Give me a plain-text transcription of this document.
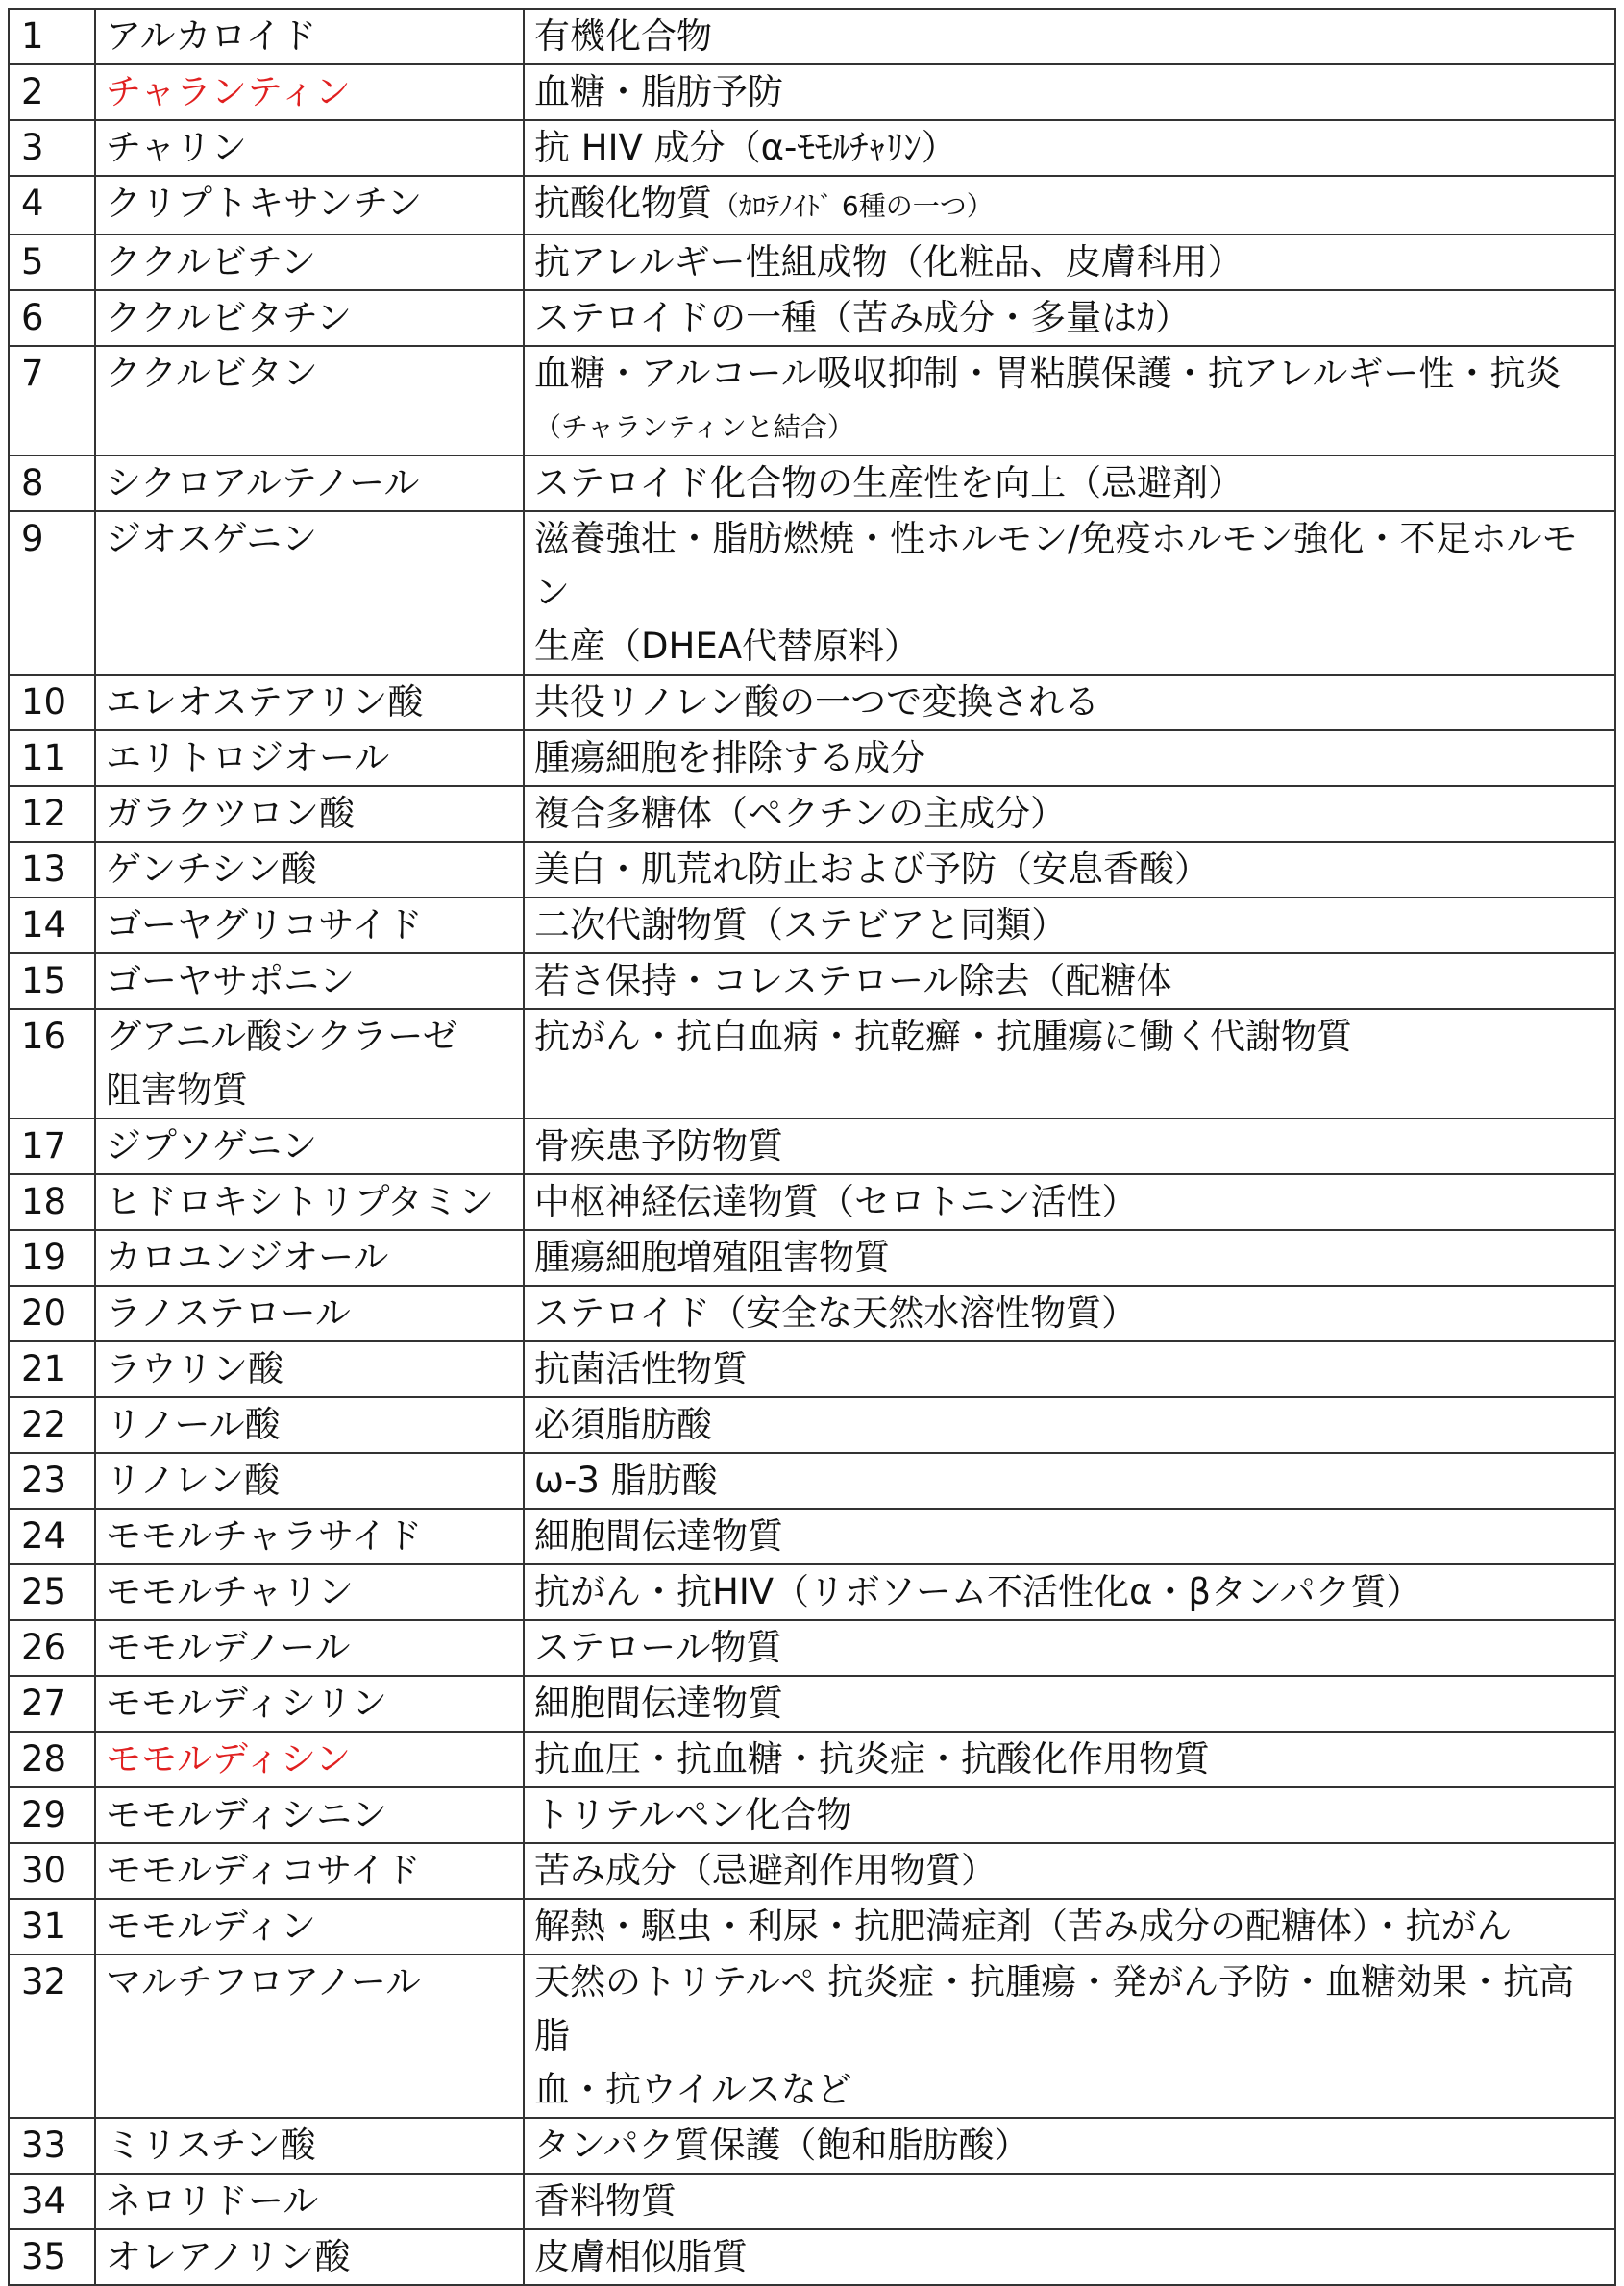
1	アルカロイド	有機化合物

2	チャランティン	血糖・脂肪予防

3	チャリン	抗 HIV 成分（α-ﾓﾓﾙﾁｬﾘﾝ）

4	クリプトキサンチン	抗酸化物質（ｶﾛﾃﾉｲﾄﾞ 6種の一つ）

5	ククルビチン	抗アレルギー性組成物（化粧品、皮膚科用）

6	ククルビタチン	ステロイドの一種（苦み成分・多量はｶ）

7	ククルビタン	血糖・アルコール吸収抑制・胃粘膜保護・抗アレルギー性・抗炎
（チャランティンと結合）

8	シクロアルテノール	ステロイド化合物の生産性を向上（忌避剤）

9	ジオスゲニン	滋養強壮・脂肪燃焼・性ホルモン/免疫ホルモン強化・不足ホルモン
生産（DHEA代替原料）

10	エレオステアリン酸	共役リノレン酸の一つで変換される

11	エリトロジオール	腫瘍細胞を排除する成分

12	ガラクツロン酸	複合多糖体（ペクチンの主成分）

13	ゲンチシン酸	美白・肌荒れ防止および予防（安息香酸）

14	ゴーヤグリコサイド	二次代謝物質（ステビアと同類）

15	ゴーヤサポニン	若さ保持・コレステロール除去（配糖体

16	グアニル酸シクラーゼ
阻害物質	抗がん・抗白血病・抗乾癬・抗腫瘍に働く代謝物質

17	ジプソゲニン	骨疾患予防物質

18	ヒドロキシトリプタミン	中枢神経伝達物質（セロトニン活性）

19	カロユンジオール	腫瘍細胞増殖阻害物質

20	ラノステロール	ステロイド（安全な天然水溶性物質）

21	ラウリン酸	抗菌活性物質

22	リノール酸	必須脂肪酸

23	リノレン酸	ω-3 脂肪酸

24	モモルチャラサイド	細胞間伝達物質

25	モモルチャリン	抗がん・抗HIV（リボソーム不活性化α・βタンパク質）

26	モモルデノール	ステロール物質

27	モモルディシリン	細胞間伝達物質

28	モモルディシン	抗血圧・抗血糖・抗炎症・抗酸化作用物質

29	モモルディシニン	トリテルペン化合物

30	モモルディコサイド	苦み成分（忌避剤作用物質）

31	モモルディン	解熱・駆虫・利尿・抗肥満症剤（苦み成分の配糖体）・抗がん

32	マルチフロアノール	天然のトリテルペ 抗炎症・抗腫瘍・発がん予防・血糖効果・抗高脂
血・抗ウイルスなど

33	ミリスチン酸	タンパク質保護（飽和脂肪酸）

34	ネロリドール	香料物質

35	オレアノリン酸	皮膚相似脂質
